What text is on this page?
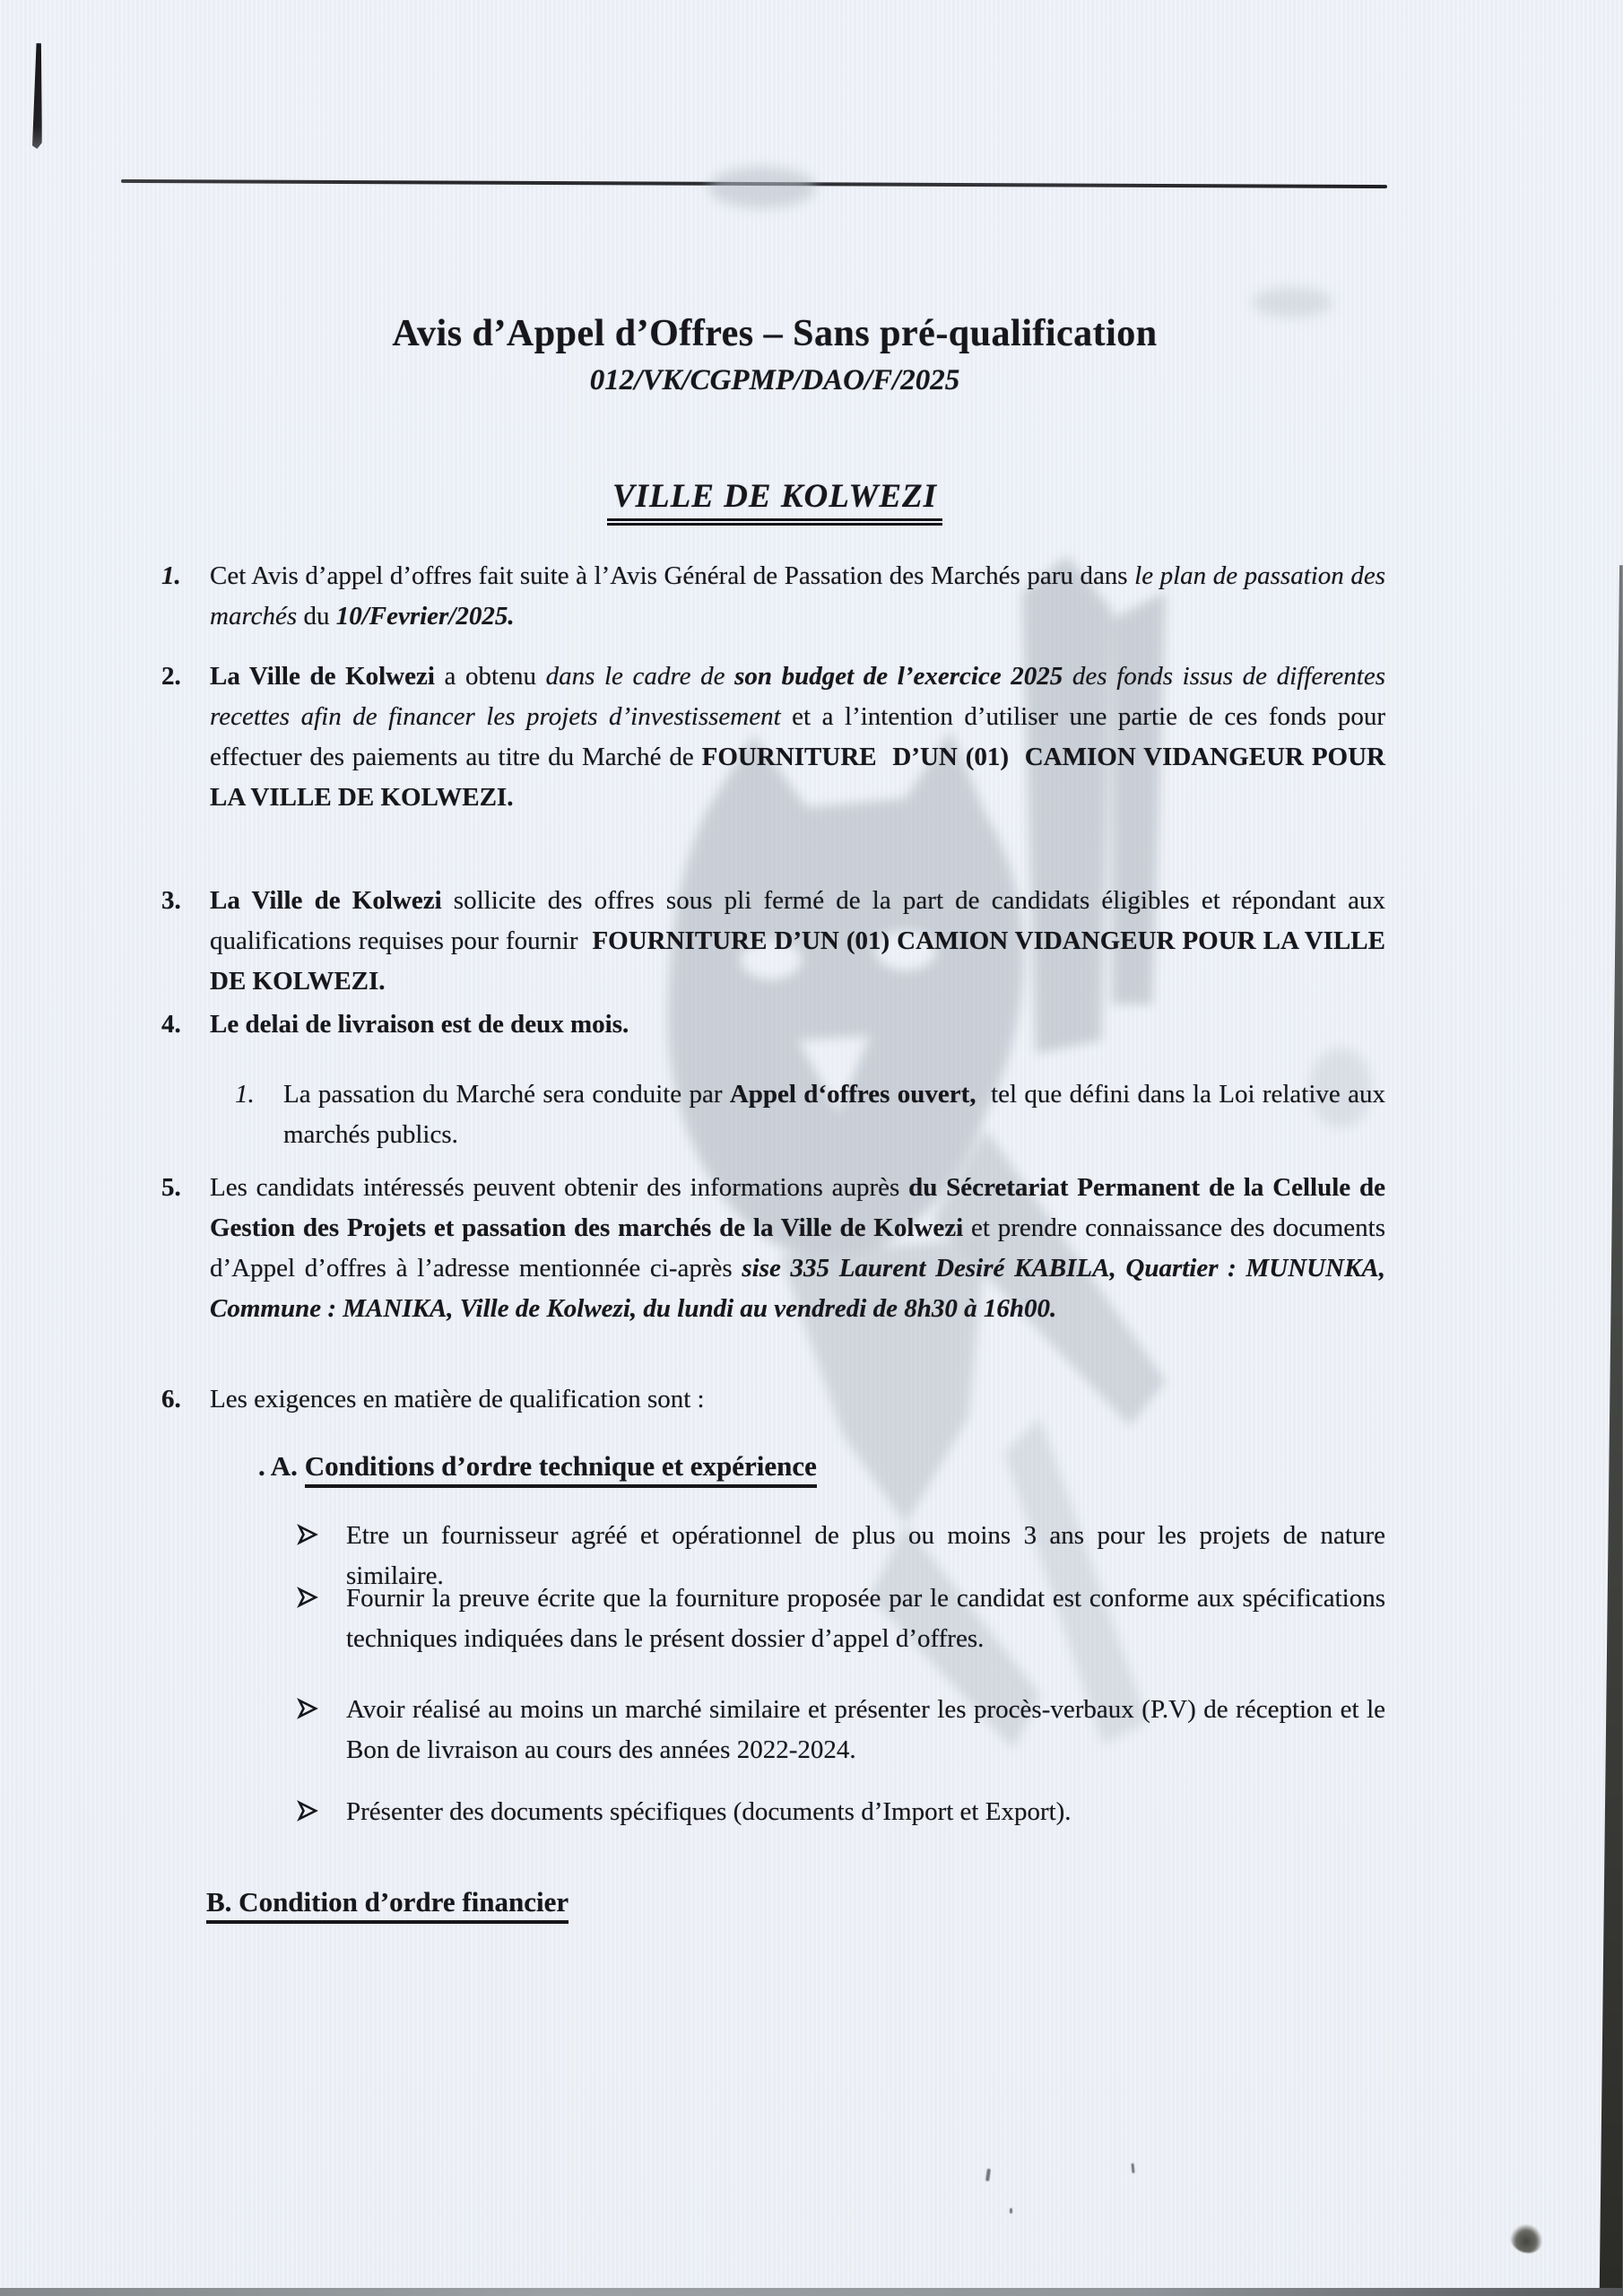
Avis d’Appel d’Offres – Sans pré-qualification
012/VK/CGPMP/DAO/F/2025
VILLE DE KOLWEZI
1. Cet Avis d’appel d’offres fait suite à l’Avis Général de Passation des Marchés paru dans le plan de passation des marchés du 10/Fevrier/2025.
2. La Ville de Kolwezi a obtenu dans le cadre de son budget de l’exercice 2025 des fonds issus de differentes recettes afin de financer les projets d’investissement et a l’intention d’utiliser une partie de ces fonds pour effectuer des paiements au titre du Marché de FOURNITURE  D’UN (01)  CAMION VIDANGEUR POUR LA VILLE DE KOLWEZI.
3. La Ville de Kolwezi sollicite des offres sous pli fermé de la part de candidats éligibles et répondant aux qualifications requises pour fournir  FOURNITURE D’UN (01) CAMION VIDANGEUR POUR LA VILLE DE KOLWEZI.
4. Le delai de livraison est de deux mois.
1. La passation du Marché sera conduite par Appel d‘offres ouvert,  tel que défini dans la Loi relative aux marchés publics.
5. Les candidats intéressés peuvent obtenir des informations auprès du Sécretariat Permanent de la Cellule de Gestion des Projets et passation des marchés de la Ville de Kolwezi et prendre connaissance des documents d’Appel d’offres à l’adresse mentionnée ci-après sise 335 Laurent Desiré KABILA, Quartier : MUNUNKA, Commune : MANIKA, Ville de Kolwezi, du lundi au vendredi de 8h30 à 16h00.
6. Les exigences en matière de qualification sont :
. A. Conditions d’ordre technique et expérience
Etre un fournisseur agréé et opérationnel de plus ou moins 3 ans pour les projets de nature similaire.
Fournir la preuve écrite que la fourniture proposée par le candidat est conforme aux spécifications techniques indiquées dans le présent dossier d’appel d’offres.
Avoir réalisé au moins un marché similaire et présenter les procès-verbaux (P.V) de réception et le Bon de livraison au cours des années 2022-2024.
Présenter des documents spécifiques (documents d’Import et Export).
B. Condition d’ordre financier
